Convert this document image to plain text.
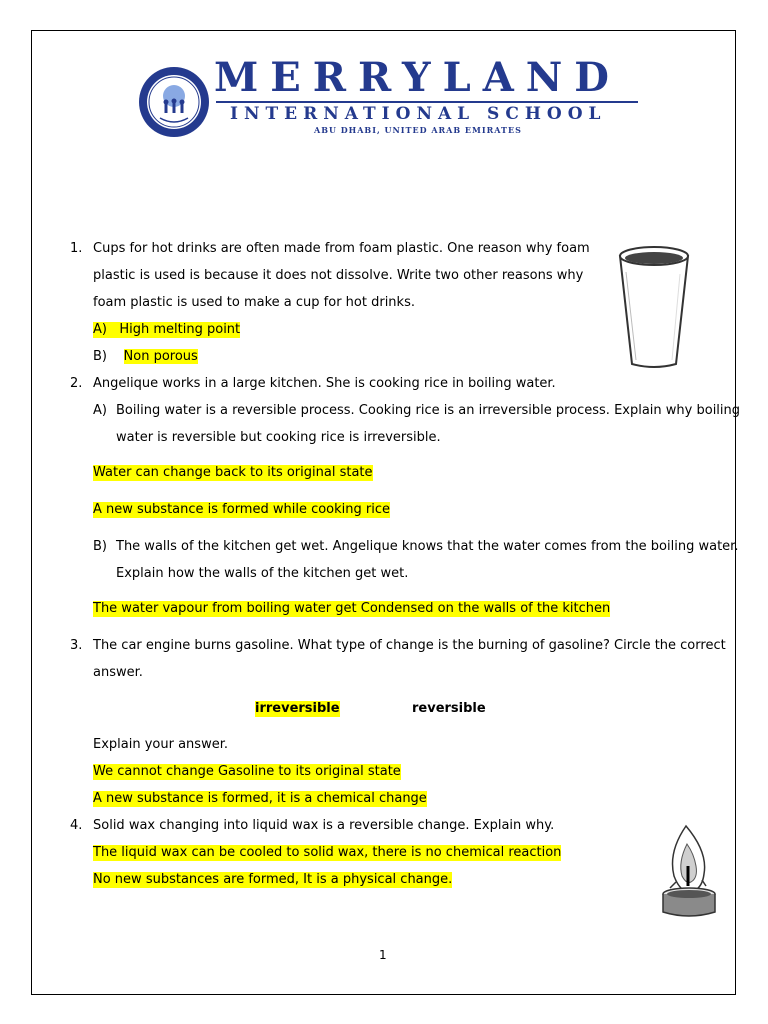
MERRYLAND
INTERNATIONAL SCHOOL
ABU DHABI, UNITED ARAB EMIRATES
1. Cups for hot drinks are often made from foam plastic. One reason why foam
plastic is used is because it does not dissolve. Write two other reasons why
foam plastic is used to make a cup for hot drinks.
A) High melting point
B) Non porous
2. Angelique works in a large kitchen. She is cooking rice in boiling water.
A) Boiling water is a reversible process. Cooking rice is an irreversible process. Explain why boiling
water is reversible but cooking rice is irreversible.
Water can change back to its original state
A new substance is formed while cooking rice
B) The walls of the kitchen get wet. Angelique knows that the water comes from the boiling water.
Explain how the walls of the kitchen get wet.
The water vapour from boiling water get Condensed on the walls of the kitchen
3. The car engine burns gasoline. What type of change is the burning of gasoline? Circle the correct
answer.
irreversible	reversible
Explain your answer.
We cannot change Gasoline to its original state
A new substance is formed, it is a chemical change
4. Solid wax changing into liquid wax is a reversible change. Explain why.
The liquid wax can be cooled to solid wax, there is no chemical reaction
No new substances are formed, It is a physical change.
1
